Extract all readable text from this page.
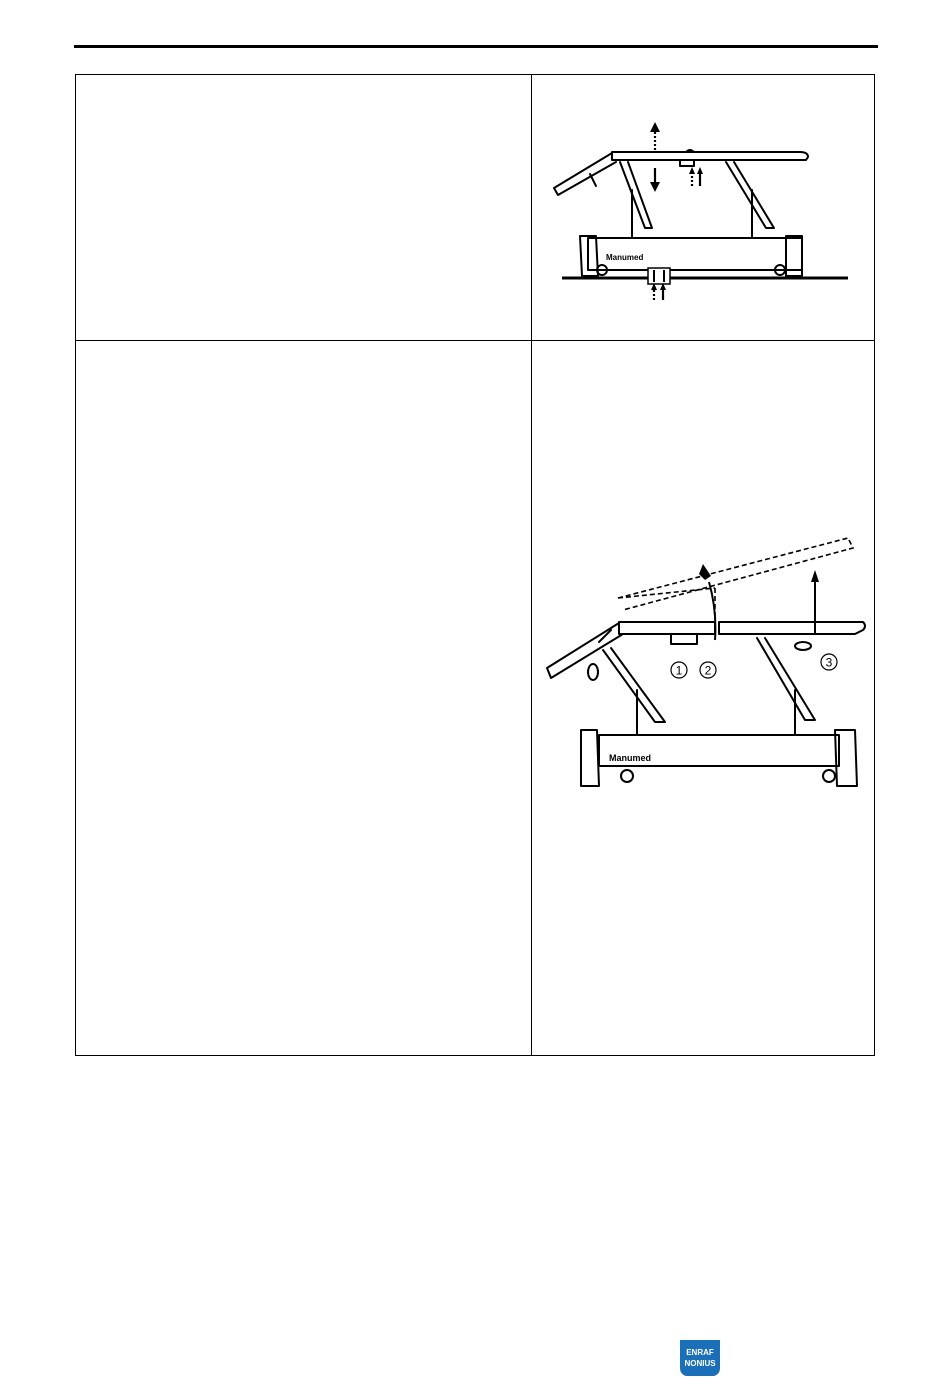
Manumed
1 2
3
Manumed
ENRAF
NONIUS
